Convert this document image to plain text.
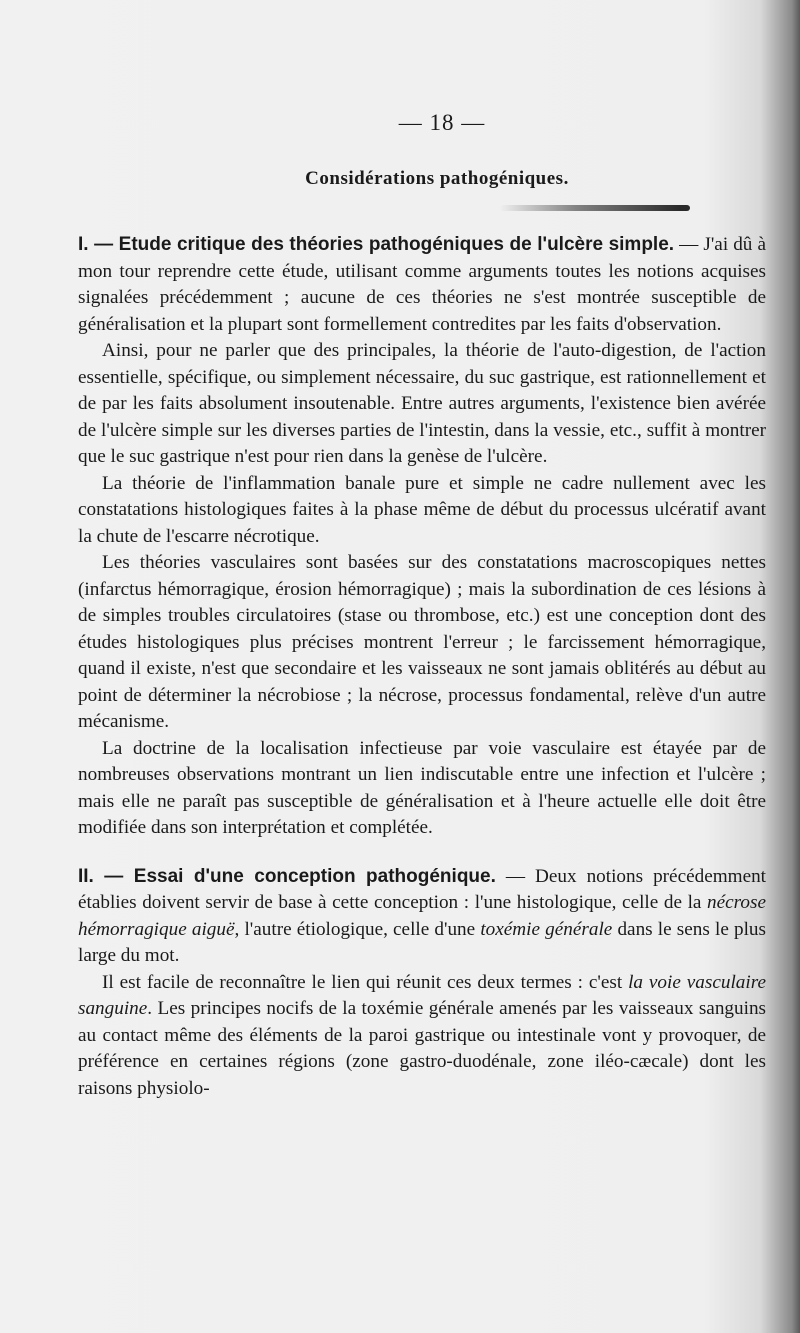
— 18 —
Considérations pathogéniques.

I. — Etude critique des théories pathogéniques de l'ulcère simple. — J'ai dû à mon tour reprendre cette étude, utilisant comme arguments toutes les notions acquises signalées précédemment ; aucune de ces théories ne s'est montrée susceptible de généralisation et la plupart sont formellement contredites par les faits d'observation.

Ainsi, pour ne parler que des principales, la théorie de l'auto-digestion, de l'action essentielle, spécifique, ou simplement nécessaire, du suc gastrique, est rationnellement et de par les faits absolument insoutenable. Entre autres arguments, l'existence bien avérée de l'ulcère simple sur les diverses parties de l'intestin, dans la vessie, etc., suffit à montrer que le suc gastrique n'est pour rien dans la genèse de l'ulcère.

La théorie de l'inflammation banale pure et simple ne cadre nullement avec les constatations histologiques faites à la phase même de début du processus ulcératif avant la chute de l'escarre nécrotique.

Les théories vasculaires sont basées sur des constatations macroscopiques nettes (infarctus hémorragique, érosion hémorragique) ; mais la subordination de ces lésions à de simples troubles circulatoires (stase ou thrombose, etc.) est une conception dont des études histologiques plus précises montrent l'erreur ; le farcissement hémorragique, quand il existe, n'est que secondaire et les vaisseaux ne sont jamais oblitérés au début au point de déterminer la nécrobiose ; la nécrose, processus fondamental, relève d'un autre mécanisme.

La doctrine de la localisation infectieuse par voie vasculaire est étayée par de nombreuses observations montrant un lien indiscutable entre une infection et l'ulcère ; mais elle ne paraît pas susceptible de généralisation et à l'heure actuelle elle doit être modifiée dans son interprétation et complétée.

II. — Essai d'une conception pathogénique. — Deux notions précédemment établies doivent servir de base à cette conception : l'une histologique, celle de la nécrose hémorragique aiguë, l'autre étiologique, celle d'une toxémie générale dans le sens le plus large du mot.

Il est facile de reconnaître le lien qui réunit ces deux termes : c'est la voie vasculaire sanguine. Les principes nocifs de la toxémie générale amenés par les vaisseaux sanguins au contact même des éléments de la paroi gastrique ou intestinale vont y provoquer, de préférence en certaines régions (zone gastro-duodénale, zone iléo-cæcale) dont les raisons physiolo-
